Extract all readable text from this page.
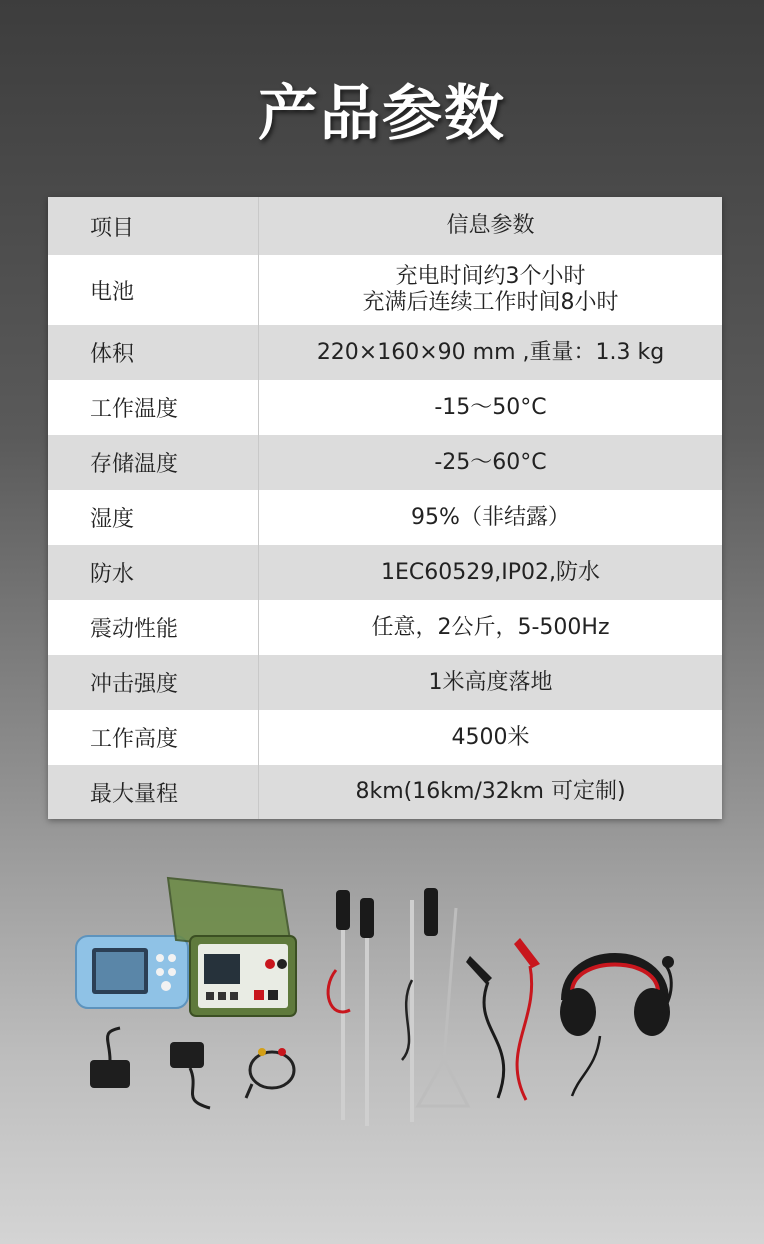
产品参数
项目	信息参数
电池	充电时间约3个小时
充满后连续工作时间8小时

体积	220×160×90 mm ,重量：1.3 kg
工作温度	-15～50°C
存储温度	-25～60°C
湿度	95%（非结露）
防水	1EC60529,IP02,防水
震动性能	任意，2公斤，5-500Hz
冲击强度	1米高度落地
工作高度	4500米
最大量程	8km(16km/32km 可定制)
